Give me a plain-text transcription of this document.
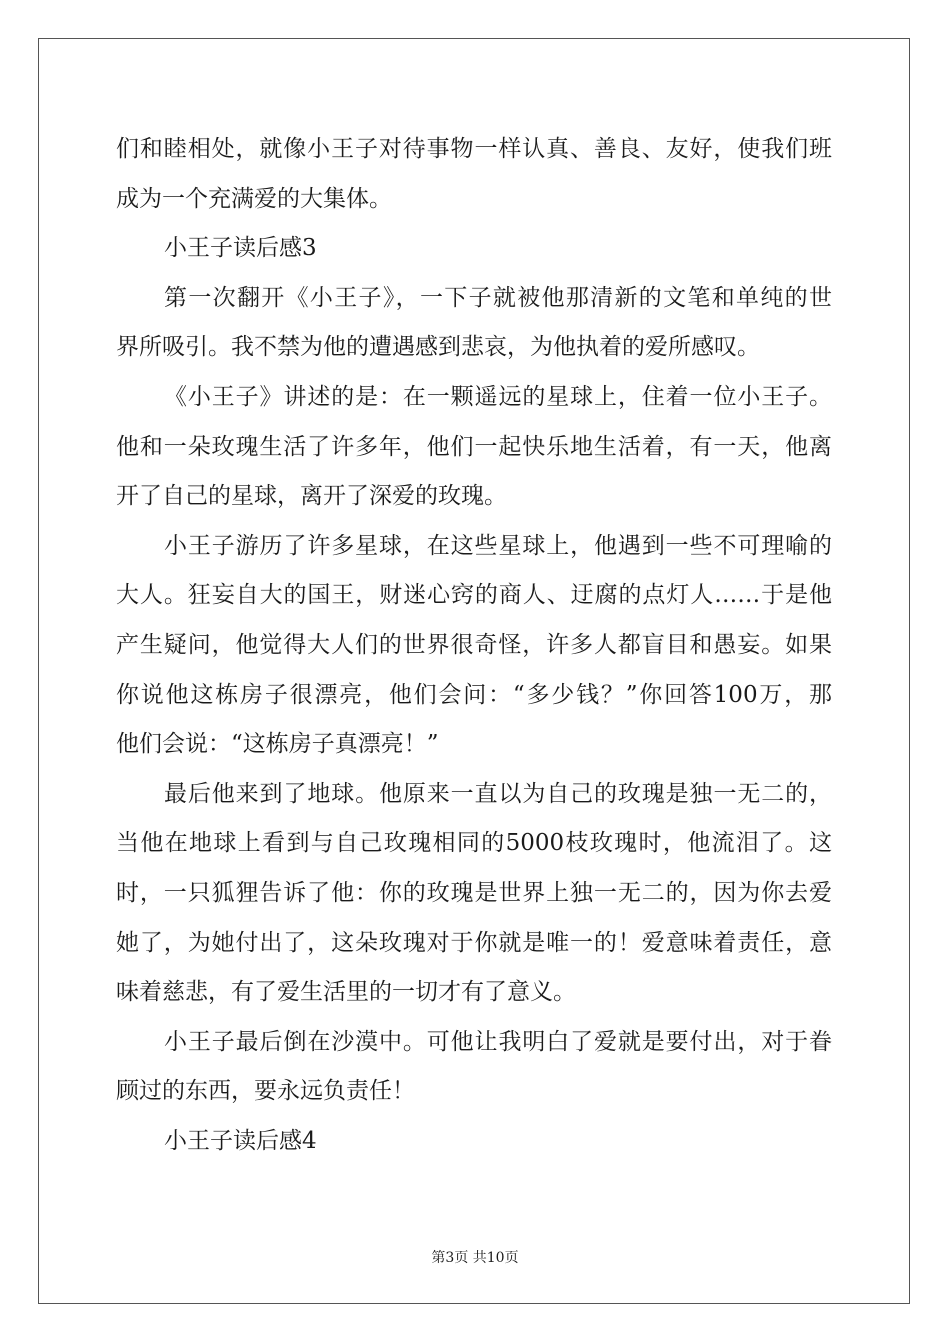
们和睦相处，就像小王子对待事物一样认真、善良、友好，使我们班
成为一个充满爱的大集体。
小王子读后感3
第一次翻开《小王子》，一下子就被他那清新的文笔和单纯的世
界所吸引。我不禁为他的遭遇感到悲哀，为他执着的爱所感叹。
《小王子》讲述的是：在一颗遥远的星球上，住着一位小王子。
他和一朵玫瑰生活了许多年，他们一起快乐地生活着，有一天，他离
开了自己的星球，离开了深爱的玫瑰。
小王子游历了许多星球，在这些星球上，他遇到一些不可理喻的
大人。狂妄自大的国王，财迷心窍的商人、迂腐的点灯人……于是他
产生疑问，他觉得大人们的世界很奇怪，许多人都盲目和愚妄。如果
你说他这栋房子很漂亮，他们会问：“多少钱？”你回答100万，那
他们会说：“这栋房子真漂亮！”
最后他来到了地球。他原来一直以为自己的玫瑰是独一无二的，
当他在地球上看到与自己玫瑰相同的5000枝玫瑰时，他流泪了。这
时，一只狐狸告诉了他：你的玫瑰是世界上独一无二的，因为你去爱
她了，为她付出了，这朵玫瑰对于你就是唯一的！爱意味着责任，意
味着慈悲，有了爱生活里的一切才有了意义。
小王子最后倒在沙漠中。可他让我明白了爱就是要付出，对于眷
顾过的东西，要永远负责任！
小王子读后感4
第3页 共10页
